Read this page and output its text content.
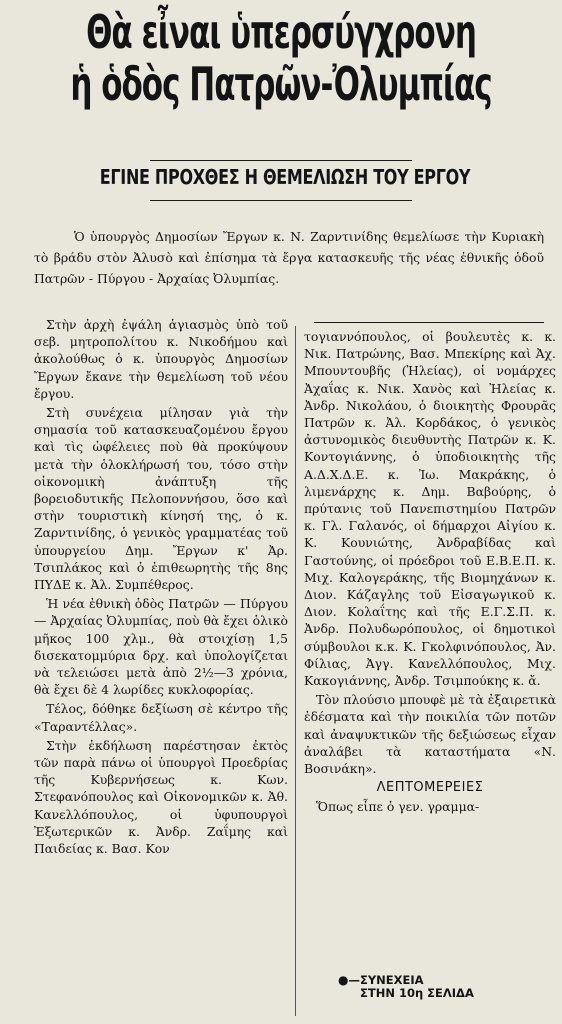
Θὰ εἶναι ὑπερσύγχρονη
ἡ ὁδὸς Πατρῶν-Ὀλυμπίας
ΕΓΙΝΕ ΠΡΟΧΘΕΣ Η ΘΕΜΕΛΙΩΣΗ ΤΟΥ ΕΡΓΟΥ

Ὁ ὑπουργὸς Δημοσίων Ἔργων κ. Ν. Ζαρντινίδης θεμελίωσε τὴν Κυριακὴ τὸ βράδυ στὸν Ἀλυσὸ καὶ ἐπίσημα τὰ ἔργα κατασκευῆς τῆς νέας ἐθνικῆς ὁδοῦ Πατρῶν - Πύργου - Ἀρχαίας Ὀλυμπίας.

Στὴν ἀρχὴ ἐψάλη ἁγιασμὸς ὑπὸ τοῦ σεβ. μητροπολίτου κ. Νικοδήμου καὶ ἀκολούθως ὁ κ. ὑπουργὸς Δημοσίων Ἔργων ἔκανε τὴν θεμελίωση τοῦ νέου ἔργου.

Στὴ συνέχεια μίλησαν γιὰ τὴν σημασία τοῦ κατασκευαζομένου ἔργου καὶ τὶς ὠφέλειες ποὺ θὰ προκύψουν μετὰ τὴν ὁλοκλήρωσή του, τόσο στὴν οἰκονομικὴ ἀνάπτυξη τῆς βορειοδυτικῆς Πελοποννήσου, ὅσο καὶ στὴν τουριστικὴ κίνησή της, ὁ κ. Ζαρντινίδης, ὁ γενικὸς γραμματέας τοῦ ὑπουργείου Δημ. Ἔργων κ' Ἀρ. Τσιπλάκος καὶ ὁ ἐπιθεωρητὴς τῆς 8ης ΠΥΔΕ κ. Ἀλ. Συμπέθερος.

Ἡ νέα ἐθνικὴ ὁδὸς Πατρῶν — Πύργου — Ἀρχαίας Ὀλυμπίας, ποὺ θὰ ἔχει ὁλικὸ μῆκος 100 χλμ., θὰ στοιχίσῃ 1,5 δισεκατομμύρια δρχ. καὶ ὑπολογίζεται νὰ τελειώσει μετὰ ἀπὸ 2½—3 χρόνια, θὰ ἔχει δὲ 4 λωρίδες κυκλοφορίας.

Τέλος, δόθηκε δεξίωση σὲ κέντρο τῆς «Ταραντέλλας».

Στὴν ἐκδήλωση παρέστησαν ἐκτὸς τῶν παρὰ πάνω οἱ ὑπουργοὶ Προεδρίας τῆς Κυβερνήσεως κ. Κων. Στεφανόπουλος καὶ Οἰκονομικῶν κ. Ἀθ. Κανελλόπουλος, οἱ ὑφυπουργοὶ Ἐξωτερικῶν κ. Ἀνδρ. Ζαΐμης καὶ Παιδείας κ. Βασ. Κον

τογιαννόπουλος, οἱ βουλευτὲς κ. κ. Νικ. Πατρώνης, Βασ. Μπεκίρης καὶ Ἀχ. Μπουντουβῆς (Ἠλείας), οἱ νομάρχες Ἀχαΐας κ. Νικ. Χανὸς καὶ Ἠλείας κ. Ἀνδρ. Νικολάου, ὁ διοικητὴς Φρουρᾶς Πατρῶν κ. Ἀλ. Κορδάκος, ὁ γενικὸς ἀστυνομικὸς διευθυντὴς Πατρῶν κ. Κ. Κοντογιάννης, ὁ ὑποδιοικητὴς τῆς Α.Δ.Χ.Δ.Ε. κ. Ἰω. Μακράκης, ὁ λιμενάρχης κ. Δημ. Βαβούρης, ὁ πρύτανις τοῦ Πανεπιστημίου Πατρῶν κ. Γλ. Γαλανός, οἱ δήμαρχοι Αἰγίου κ. Κ. Κουνιώτης, Ἀνδραβίδας καὶ Γαστούνης, οἱ πρόεδροι τοῦ Ε.Β.Ε.Π. κ. Μιχ. Καλογεράκης, τῆς Βιομηχάνων κ. Διον. Κάζαγλης τοῦ Εἰσαγωγικοῦ κ. Διον. Κολαΐτης καὶ τῆς Ε.Γ.Σ.Π. κ. Ἀνδρ. Πολυδωρόπουλος, οἱ δημοτικοὶ σύμβουλοι κ.κ. Κ. Γκολφινόπουλος, Ἀν. Φίλιας, Ἀγγ. Κανελλόπουλος, Μιχ. Κακογιάννης, Ἀνδρ. Τσιμπούκης κ. ἄ.

Τὸν πλούσιο μπουφὲ μὲ τὰ ἐξαιρετικὰ ἐδέσματα καὶ τὴν ποικιλία τῶν ποτῶν καὶ ἀναψυκτικῶν τῆς δεξιώσεως εἶχαν ἀναλάβει τὰ καταστήματα «Ν. Βοσινάκη».

ΛΕΠΤΟΜΕΡΕΙΕΣ

Ὅπως εἶπε ὁ γεν. γραμμα-

●—ΣΥΝΕΧΕΙΑ
ΣΤΗΝ 10η ΣΕΛΙΔΑ
